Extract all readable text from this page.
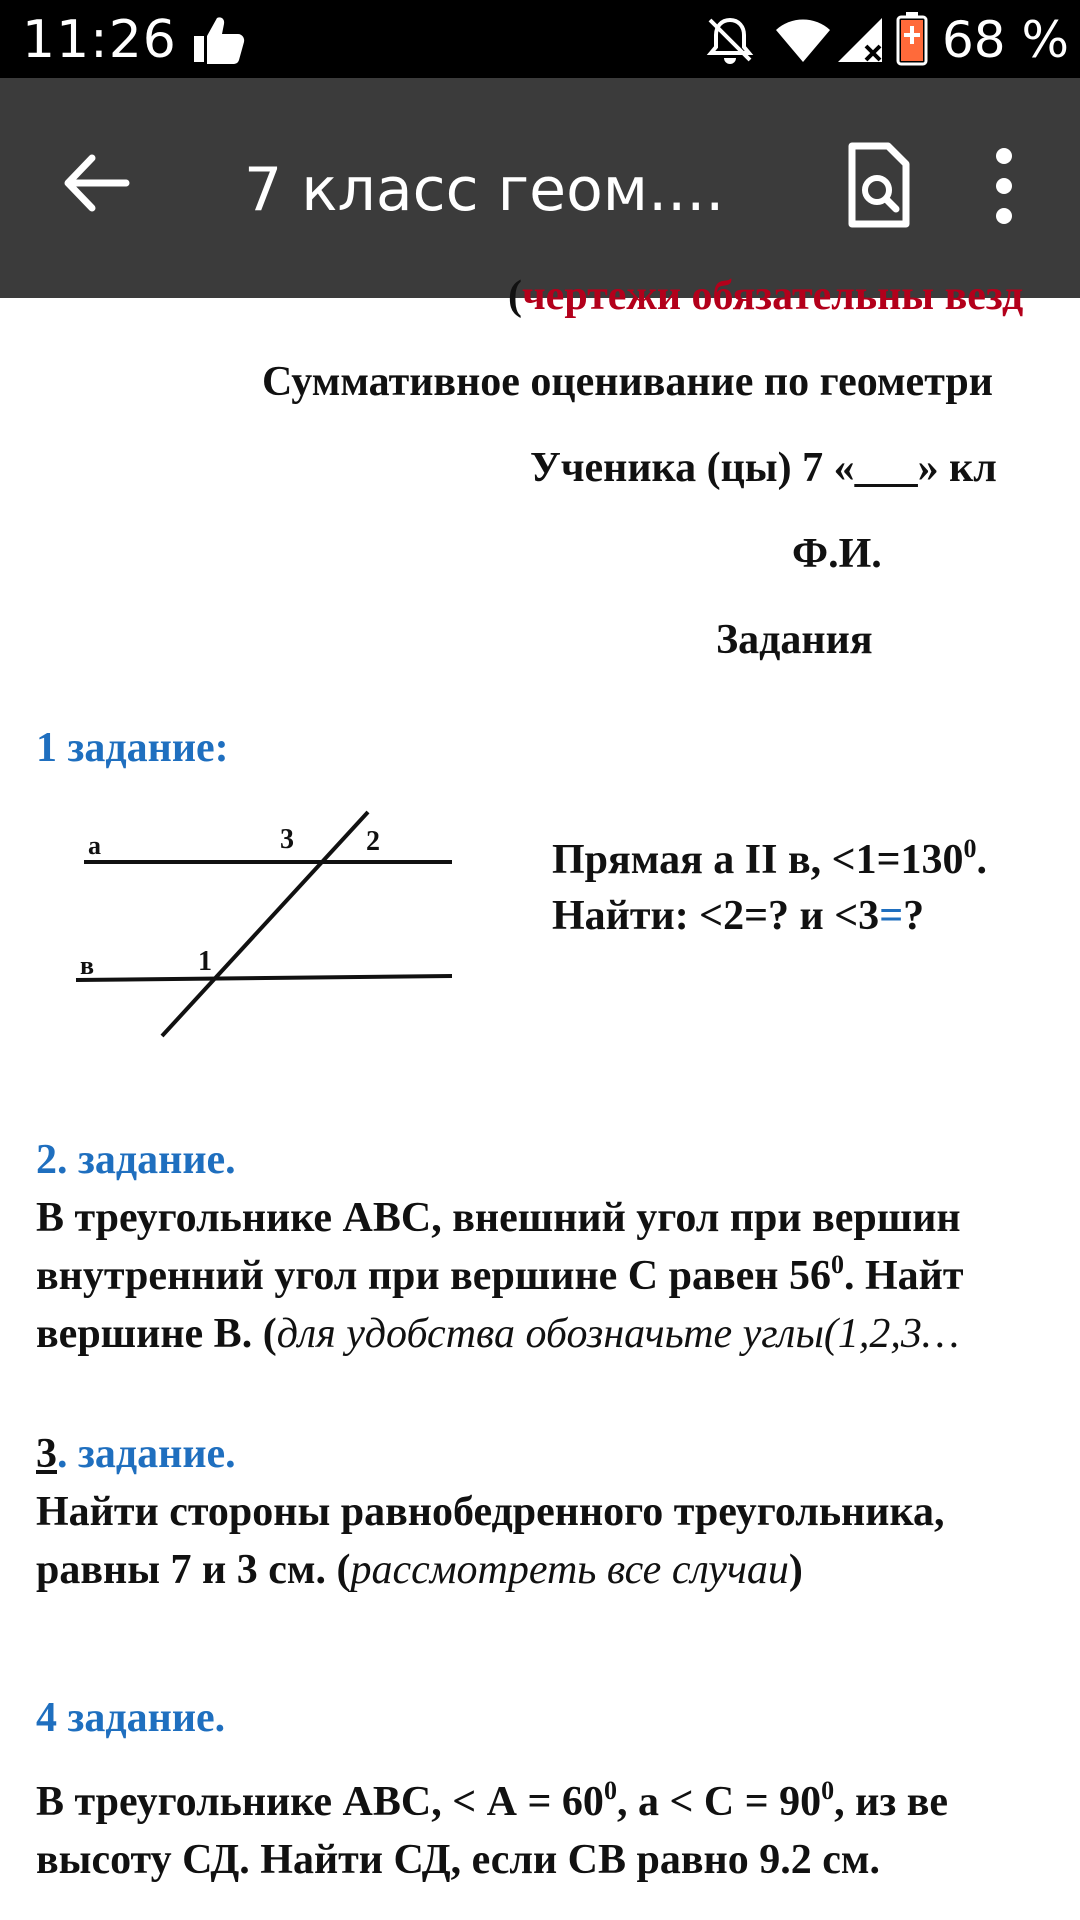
11:26	68 %
7 класс геом....
(чертежи обязательны везд
Суммативное оценивание по геометри
Ученика (цы) 7 «___» кл
Ф.И.
Задания
1 задание:
а
в	1
2
3	Прямая а II в, $<1=130^0$.
Найти: <2=? и <3=?
2. задание.
В треугольнике АВС, внешний угол при вершин
внутренний угол при вершине С равен $56^0$. Найт
вершине В. (для удобства обозначьте углы(1,2,3…
3. задание.
Найти стороны равнобедренного треугольника,
равны 7 и 3 см. (рассмотреть все случаи)
4 задание.
В треугольнике АВС, < $А = 60^0$, $а < С = 90^0$, из ве
высоту СД. Найти СД, если СВ равно 9.2 см.
